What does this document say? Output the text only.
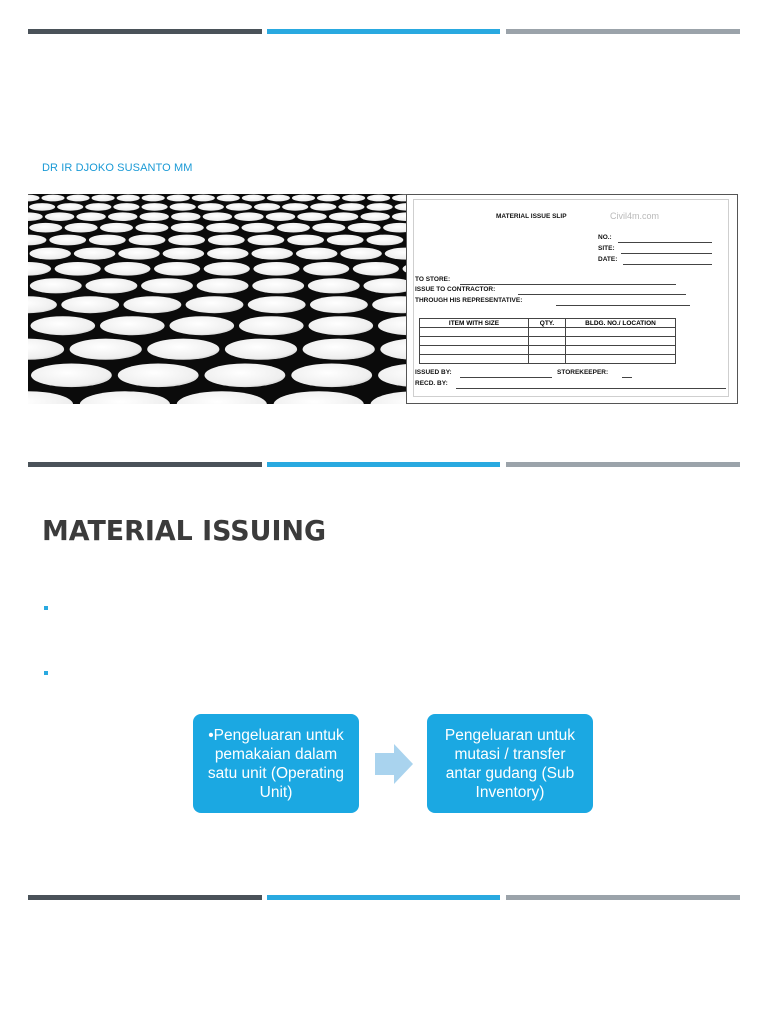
DR IR DJOKO SUSANTO MM
MATERIAL ISSUE SLIP	Civil4m.com
NO.:
SITE:
DATE:
TO STORE:
ISSUE TO CONTRACTOR:
THROUGH HIS REPRESENTATIVE:
ITEM WITH SIZE	QTY.	BLDG. NO./ LOCATION

ISSUED BY:	STOREKEEPER:
RECD. BY:
MATERIAL ISSUING
•Pengeluaran untuk pemakaian dalam satu unit (Operating Unit)
Pengeluaran untuk mutasi / transfer antar gudang (Sub Inventory)
